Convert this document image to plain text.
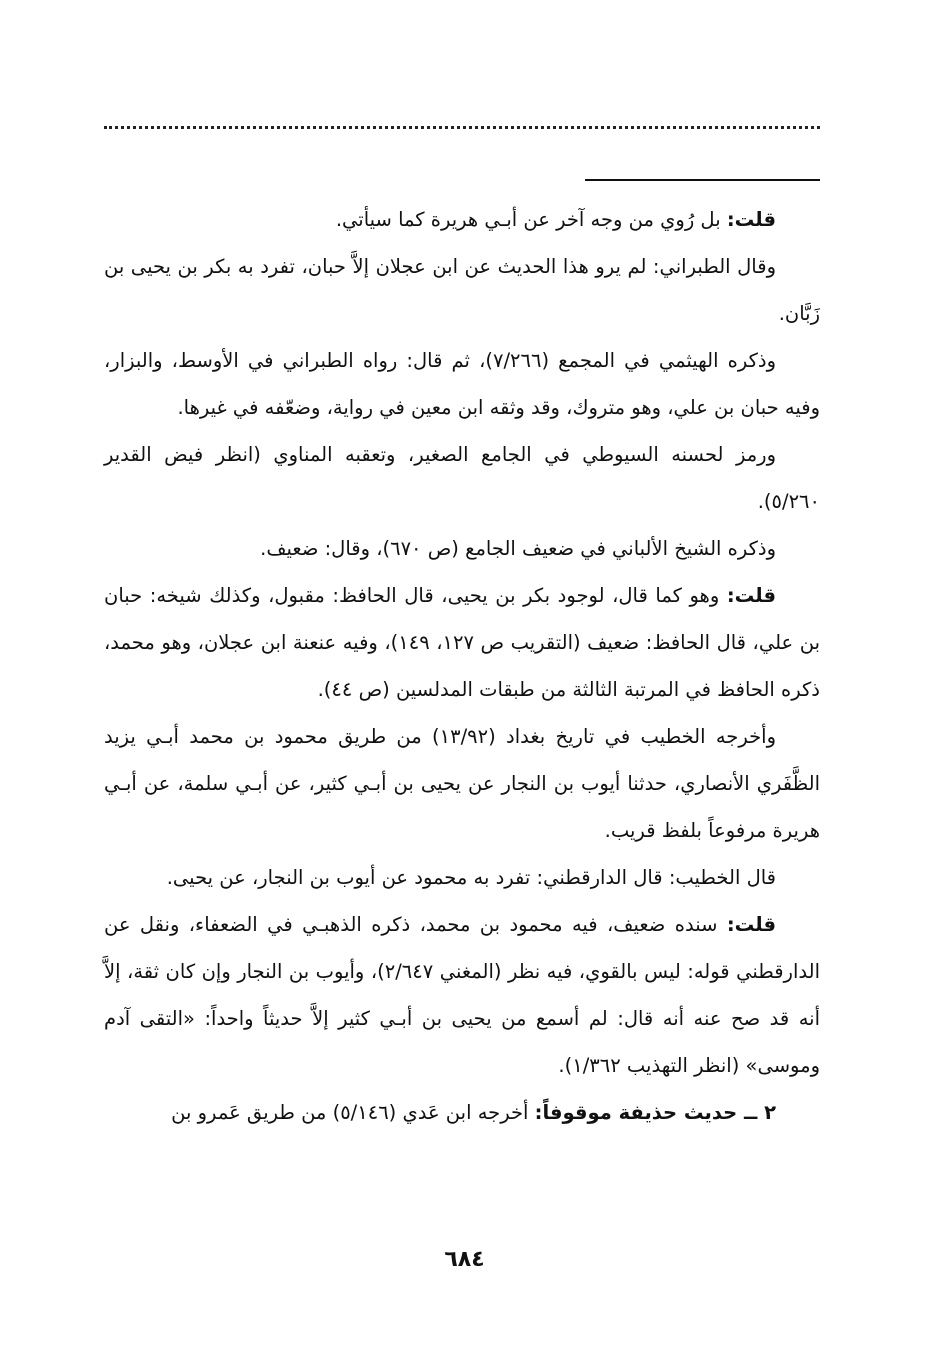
قلت: بل رُوي من وجه آخر عن أبـي هريرة كما سيأتي.

وقال الطبراني: لم يرو هذا الحديث عن ابن عجلان إلاَّ حبان، تفرد به بكر بن يحيى بن زَبَّان.

وذكره الهيثمي في المجمع (٧/٢٦٦)، ثم قال: رواه الطبراني في الأوسط، والبزار، وفيه حبان بن علي، وهو متروك، وقد وثقه ابن معين في رواية، وضعّفه في غيرها.

ورمز لحسنه السيوطي في الجامع الصغير، وتعقبه المناوي (انظر فيض القدير ٥/٢٦٠).

وذكره الشيخ الألباني في ضعيف الجامع (ص ٦٧٠)، وقال: ضعيف.

قلت: وهو كما قال، لوجود بكر بن يحيى، قال الحافظ: مقبول، وكذلك شيخه: حبان بن علي، قال الحافظ: ضعيف (التقريب ص ١٢٧، ١٤٩)، وفيه عنعنة ابن عجلان، وهو محمد، ذكره الحافظ في المرتبة الثالثة من طبقات المدلسين (ص ٤٤).

وأخرجه الخطيب في تاريخ بغداد (١٣/٩٢) من طريق محمود بن محمد أبـي يزيد الظَّفَري الأنصاري، حدثنا أيوب بن النجار عن يحيى بن أبـي كثير، عن أبـي سلمة، عن أبـي هريرة مرفوعاً بلفظ قريب.

قال الخطيب: قال الدارقطني: تفرد به محمود عن أيوب بن النجار، عن يحيى.

قلت: سنده ضعيف، فيه محمود بن محمد، ذكره الذهبـي في الضعفاء، ونقل عن الدارقطني قوله: ليس بالقوي، فيه نظر (المغني ٢/٦٤٧)، وأيوب بن النجار وإن كان ثقة، إلاَّ أنه قد صح عنه أنه قال: لم أسمع من يحيى بن أبـي كثير إلاَّ حديثاً واحداً: «التقى آدم وموسى» (انظر التهذيب ١/٣٦٢).

٢ ــ حديث حذيفة موقوفاً: أخرجه ابن عَدي (٥/١٤٦) من طريق عَمرو بن

٦٨٤
